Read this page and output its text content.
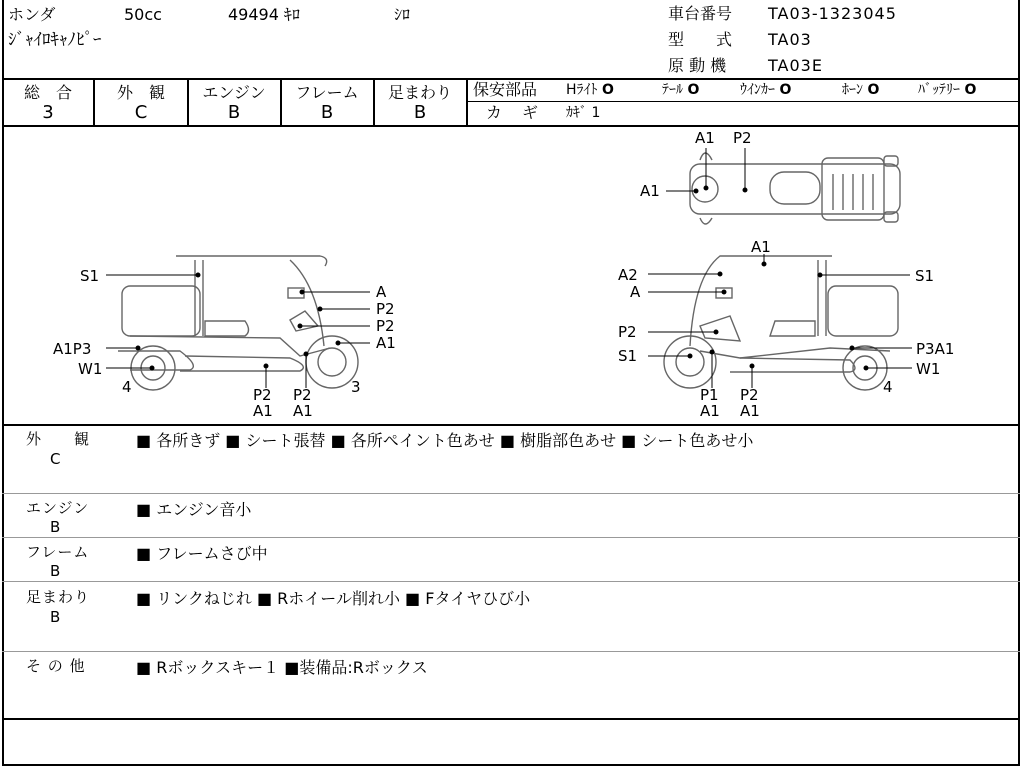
ホンダ	50cc	49494 ｷﾛ	ｼﾛ
ｼﾞｬｲﾛｷｬﾉﾋﾟｰ
車台番号 TA03-1323045
型　　式 TA03
原 動 機	TA03E
総　合	外　観	エンジン	フレーム	足まわり
3	C	B	B	B
保安部品 Hﾗｲﾄ O	ﾃｰﾙ O	ｳｲﾝｶｰ O	ﾎｰﾝ O	ﾊﾞｯﾃﾘｰ O
カ　ギ ｶｷﾞ 1
A1 P2
A1
S1
A
P2
P2
A1
A1P3
W1
4	3
P2
A1
P2
A1
A1
A2	S1
A
P2
S1	P3A1
W1
4
P1
A1
P2
A1
外　　観
C
■ 各所きず ■ シート張替 ■ 各所ペイント色あせ ■ 樹脂部色あせ ■ シート色あせ小
エンジン
B
■ エンジン音小
フレーム
B
■ フレームさび中
足まわり
B
■ リンクねじれ ■ Rホイール削れ小 ■ Fタイヤひび小
そ の 他	■ Rボックスキー１ ■装備品:Rボックス
